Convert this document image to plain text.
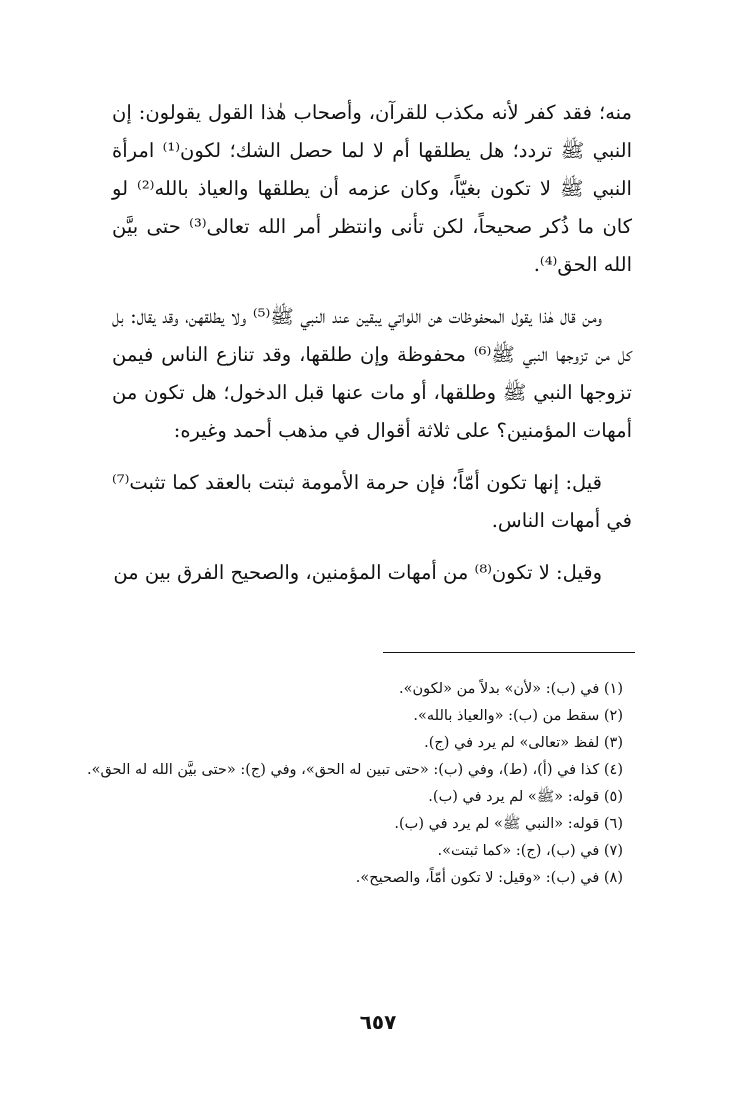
منه؛ فقد كفر لأنه مكذب للقرآن، وأصحاب هٰذا القول يقولون: إن النبي ﷺ تردد؛ هل يطلقها أم لا لما حصل الشك؛ لكون⁽¹⁾ امرأة النبي ﷺ لا تكون بغيّاً، وكان عزمه أن يطلقها والعياذ بالله⁽²⁾ لو كان ما ذُكر صحيحاً، لكن تأنى وانتظر أمر الله تعالى⁽³⁾ حتى بيَّن الله الحق⁽⁴⁾.

ومن قال هٰذا يقول المحفوظات هن اللواتي يبقين عند النبي ﷺ⁽⁵⁾ ولا يطلقهن، وقد يقال: بل كل من تزوجها النبي ﷺ⁽⁶⁾ محفوظة وإن طلقها، وقد تنازع الناس فيمن تزوجها النبي ﷺ وطلقها، أو مات عنها قبل الدخول؛ هل تكون من أمهات المؤمنين؟ على ثلاثة أقوال في مذهب أحمد وغيره:

قيل: إنها تكون أمّاً؛ فإن حرمة الأمومة ثبتت بالعقد كما تثبت⁽⁷⁾ في أمهات الناس.

وقيل: لا تكون⁽⁸⁾ من أمهات المؤمنين، والصحيح الفرق بين من

(١) في (ب): «لأن» بدلاً من «لكون».
(٢) سقط من (ب): «والعياذ بالله».
(٣) لفظ «تعالى» لم يرد في (ج).
(٤) كذا في (أ)، (ط)، وفي (ب): «حتى تبين له الحق»، وفي (ج): «حتى بيَّن الله له الحق».
(٥) قوله: «ﷺ» لم يرد في (ب).
(٦) قوله: «النبي ﷺ» لم يرد في (ب).
(٧) في (ب)، (ج): «كما ثبتت».
(٨) في (ب): «وقيل: لا تكون أمّاً، والصحيح».
٦٥٧
